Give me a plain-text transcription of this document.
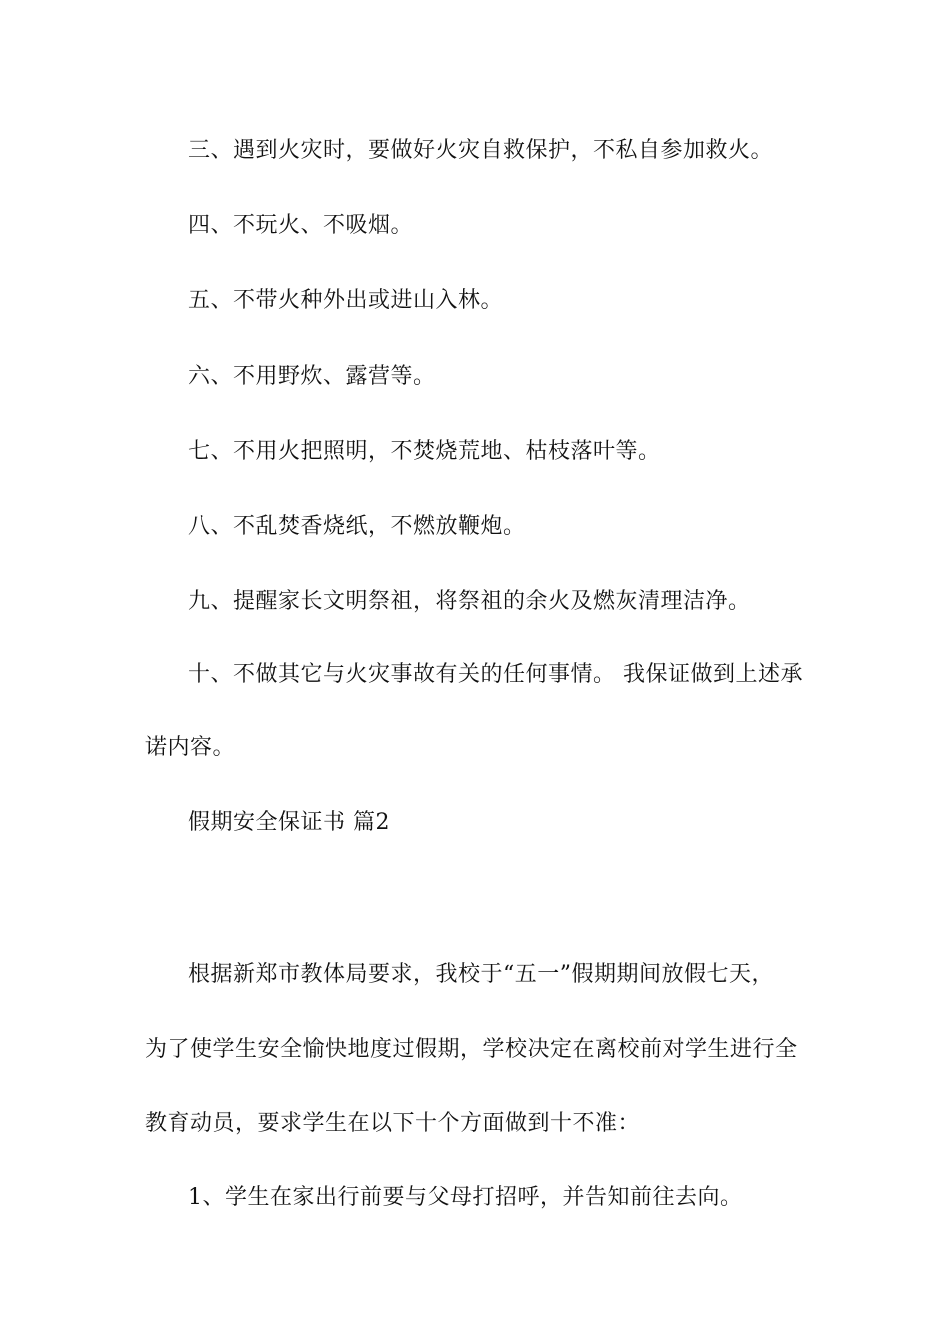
三、遇到火灾时，要做好火灾自救保护，不私自参加救火。
四、不玩火、不吸烟。
五、不带火种外出或进山入林。
六、不用野炊、露营等。
七、不用火把照明，不焚烧荒地、枯枝落叶等。
八、不乱焚香烧纸，不燃放鞭炮。
九、提醒家长文明祭祖，将祭祖的余火及燃灰清理洁净。
十、不做其它与火灾事故有关的任何事情。 我保证做到上述承
诺内容。
假期安全保证书 篇2
根据新郑市教体局要求，我校于“五一”假期期间放假七天，
为了使学生安全愉快地度过假期，学校决定在离校前对学生进行全
教育动员，要求学生在以下十个方面做到十不准：
1、学生在家出行前要与父母打招呼，并告知前往去向。
